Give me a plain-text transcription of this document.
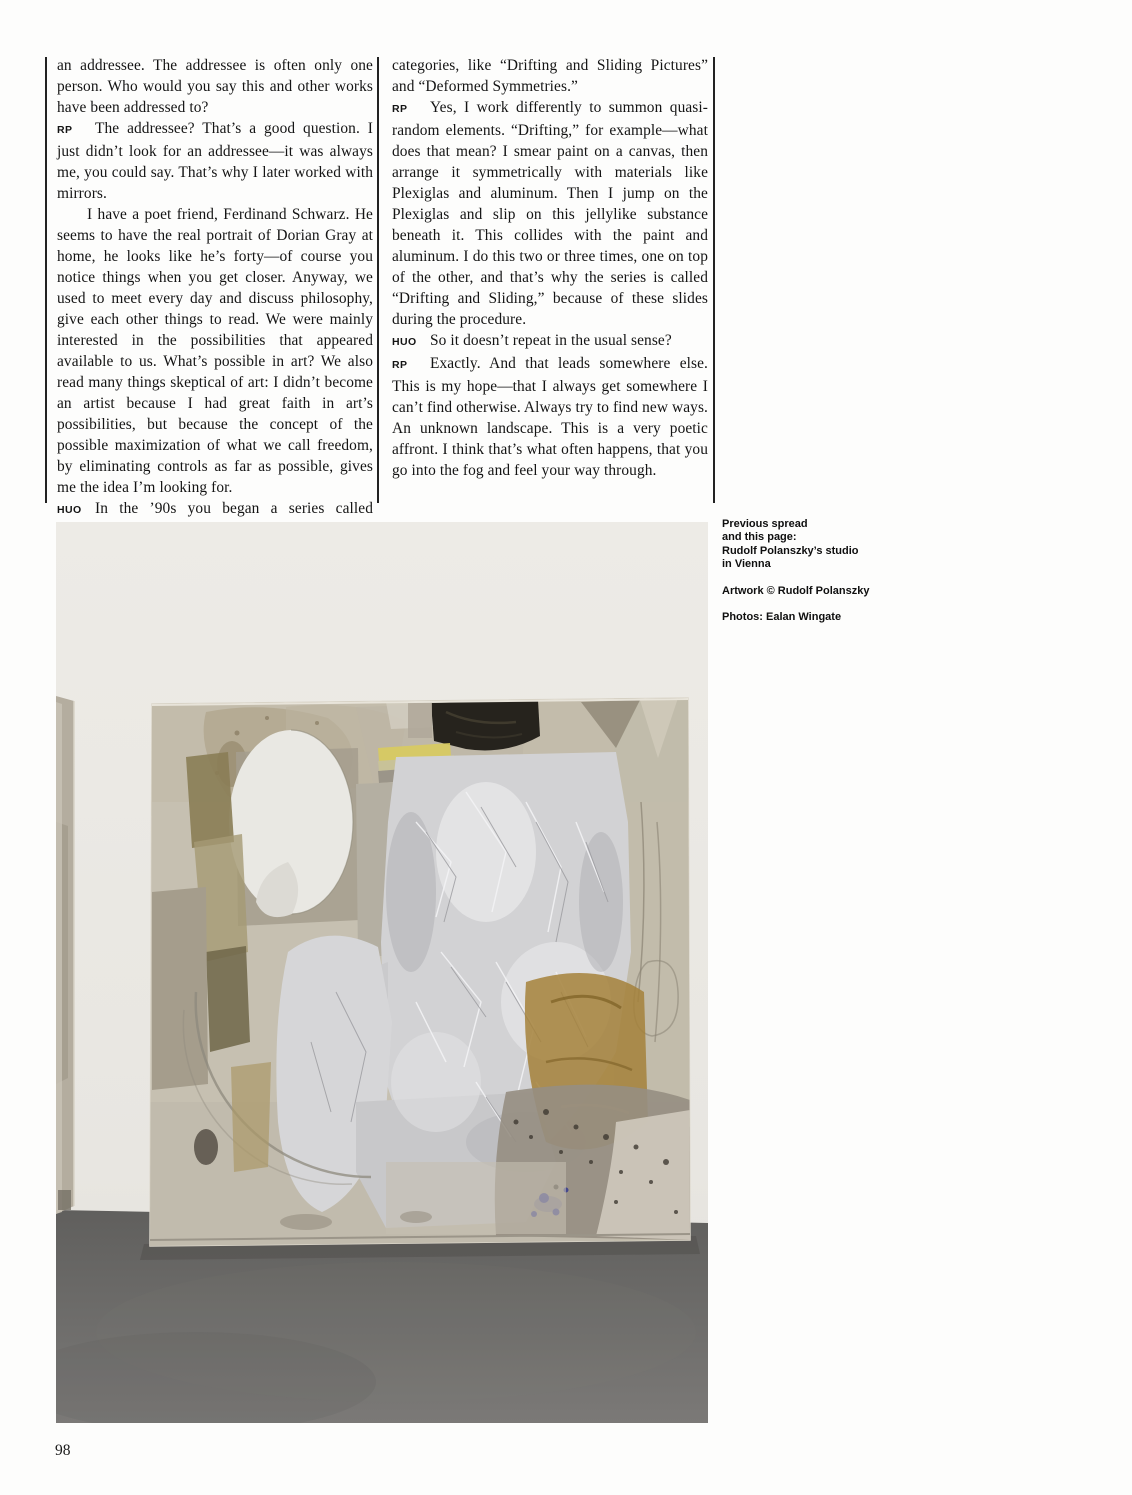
an addressee. The addressee is often only one person. Who would you say this and other works have been addressed to?

RP The addressee? That’s a good question. I just didn’t look for an addressee—it was always me, you could say. That’s why I later worked with mirrors.

I have a poet friend, Ferdinand Schwarz. He seems to have the real portrait of Dorian Gray at home, he looks like he’s forty—of course you notice things when you get closer. Anyway, we used to meet every day and discuss philosophy, give each other things to read. We were mainly interested in the possibilities that appeared available to us. What’s possible in art? We also read many things skeptical of art: I didn’t become an artist because I had great faith in art’s possibilities, but because the concept of the possible maximization of what we call freedom, by eliminating controls as far as possible, gives me the idea I’m looking for.

HUO In the ’90s you began a series called

categories, like “Drifting and Sliding Pictures” and “Deformed Symmetries.”

RP Yes, I work differently to summon quasi-random elements. “Drifting,” for example—what does that mean? I smear paint on a canvas, then arrange it symmetrically with materials like Plexiglas and aluminum. Then I jump on the Plexiglas and slip on this jellylike substance beneath it. This collides with the paint and aluminum. I do this two or three times, one on top of the other, and that’s why the series is called “Drifting and Sliding,” because of these slides during the procedure.

HUO So it doesn’t repeat in the usual sense?

RP Exactly. And that leads somewhere else. This is my hope—that I always get somewhere I can’t find otherwise. Always try to find new ways. An unknown landscape. This is a very poetic affront. I think that’s what often happens, that you go into the fog and feel your way through.

Previous spread
and this page:
Rudolf Polanszky’s studio
in Vienna
Artwork © Rudolf Polanszky
Photos: Ealan Wingate
98
